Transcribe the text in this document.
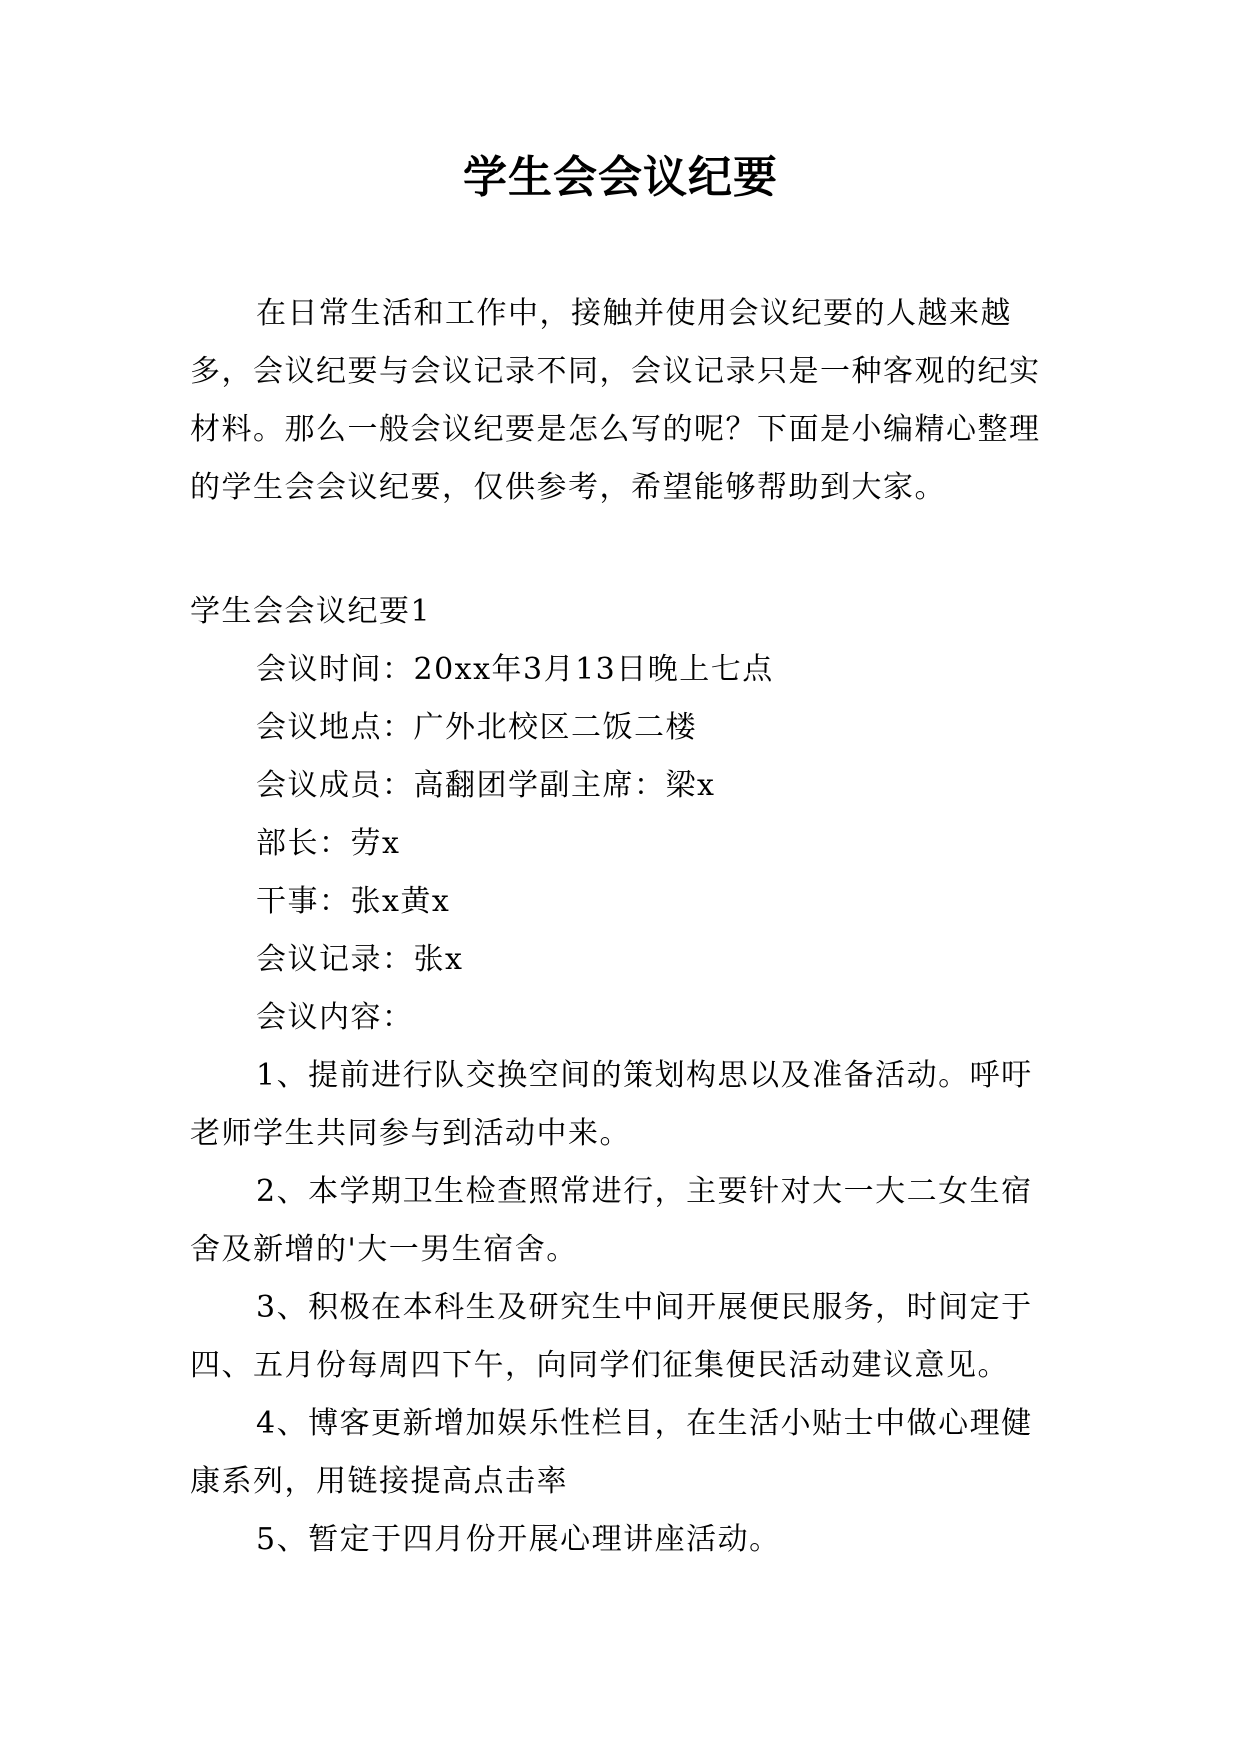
学生会会议纪要

在日常生活和工作中，接触并使用会议纪要的人越来越多，会议纪要与会议记录不同，会议记录只是一种客观的纪实材料。那么一般会议纪要是怎么写的呢？下面是小编精心整理的学生会会议纪要，仅供参考，希望能够帮助到大家。

学生会会议纪要1

会议时间：20xx年3月13日晚上七点

会议地点：广外北校区二饭二楼

会议成员：高翻团学副主席：梁x

部长：劳x

干事：张x黄x

会议记录：张x

会议内容：

1、提前进行队交换空间的策划构思以及准备活动。呼吁老师学生共同参与到活动中来。

2、本学期卫生检查照常进行，主要针对大一大二女生宿舍及新增的'大一男生宿舍。

3、积极在本科生及研究生中间开展便民服务，时间定于四、五月份每周四下午，向同学们征集便民活动建议意见。

4、博客更新增加娱乐性栏目，在生活小贴士中做心理健康系列，用链接提高点击率

5、暂定于四月份开展心理讲座活动。
